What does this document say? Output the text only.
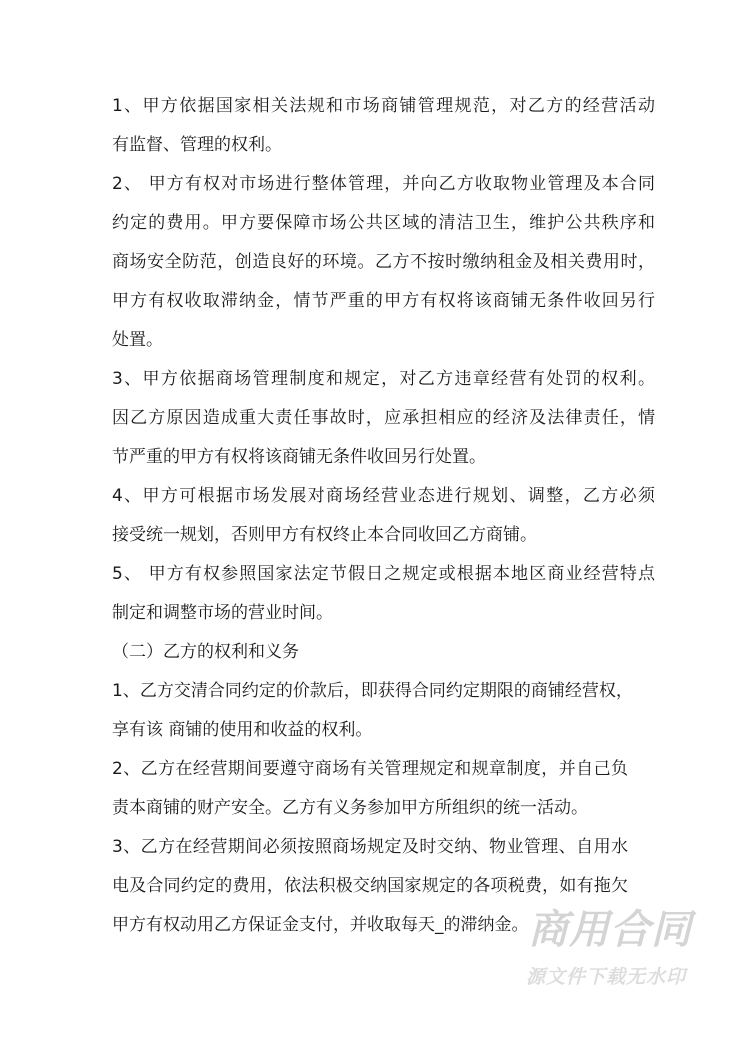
1、甲方依据国家相关法规和市场商铺管理规范，对乙方的经营活动
有监督、管理的权利。
2、 甲方有权对市场进行整体管理，并向乙方收取物业管理及本合同
约定的费用。甲方要保障市场公共区域的清洁卫生，维护公共秩序和
商场安全防范，创造良好的环境。乙方不按时缴纳租金及相关费用时，
甲方有权收取滞纳金，情节严重的甲方有权将该商铺无条件收回另行
处置。
3、甲方依据商场管理制度和规定，对乙方违章经营有处罚的权利。
因乙方原因造成重大责任事故时，应承担相应的经济及法律责任，情
节严重的甲方有权将该商铺无条件收回另行处置。
4、甲方可根据市场发展对商场经营业态进行规划、调整，乙方必须
接受统一规划，否则甲方有权终止本合同收回乙方商铺。
5、 甲方有权参照国家法定节假日之规定或根据本地区商业经营特点
制定和调整市场的营业时间。
（二）乙方的权利和义务
1、乙方交清合同约定的价款后，即获得合同约定期限的商铺经营权，
享有该 商铺的使用和收益的权利。
2、乙方在经营期间要遵守商场有关管理规定和规章制度，并自己负
责本商铺的财产安全。乙方有义务参加甲方所组织的统一活动。
3、乙方在经营期间必须按照商场规定及时交纳、物业管理、自用水
电及合同约定的费用，依法积极交纳国家规定的各项税费，如有拖欠
甲方有权动用乙方保证金支付，并收取每天_的滞纳金。 商用合同
源文件下载无水印
